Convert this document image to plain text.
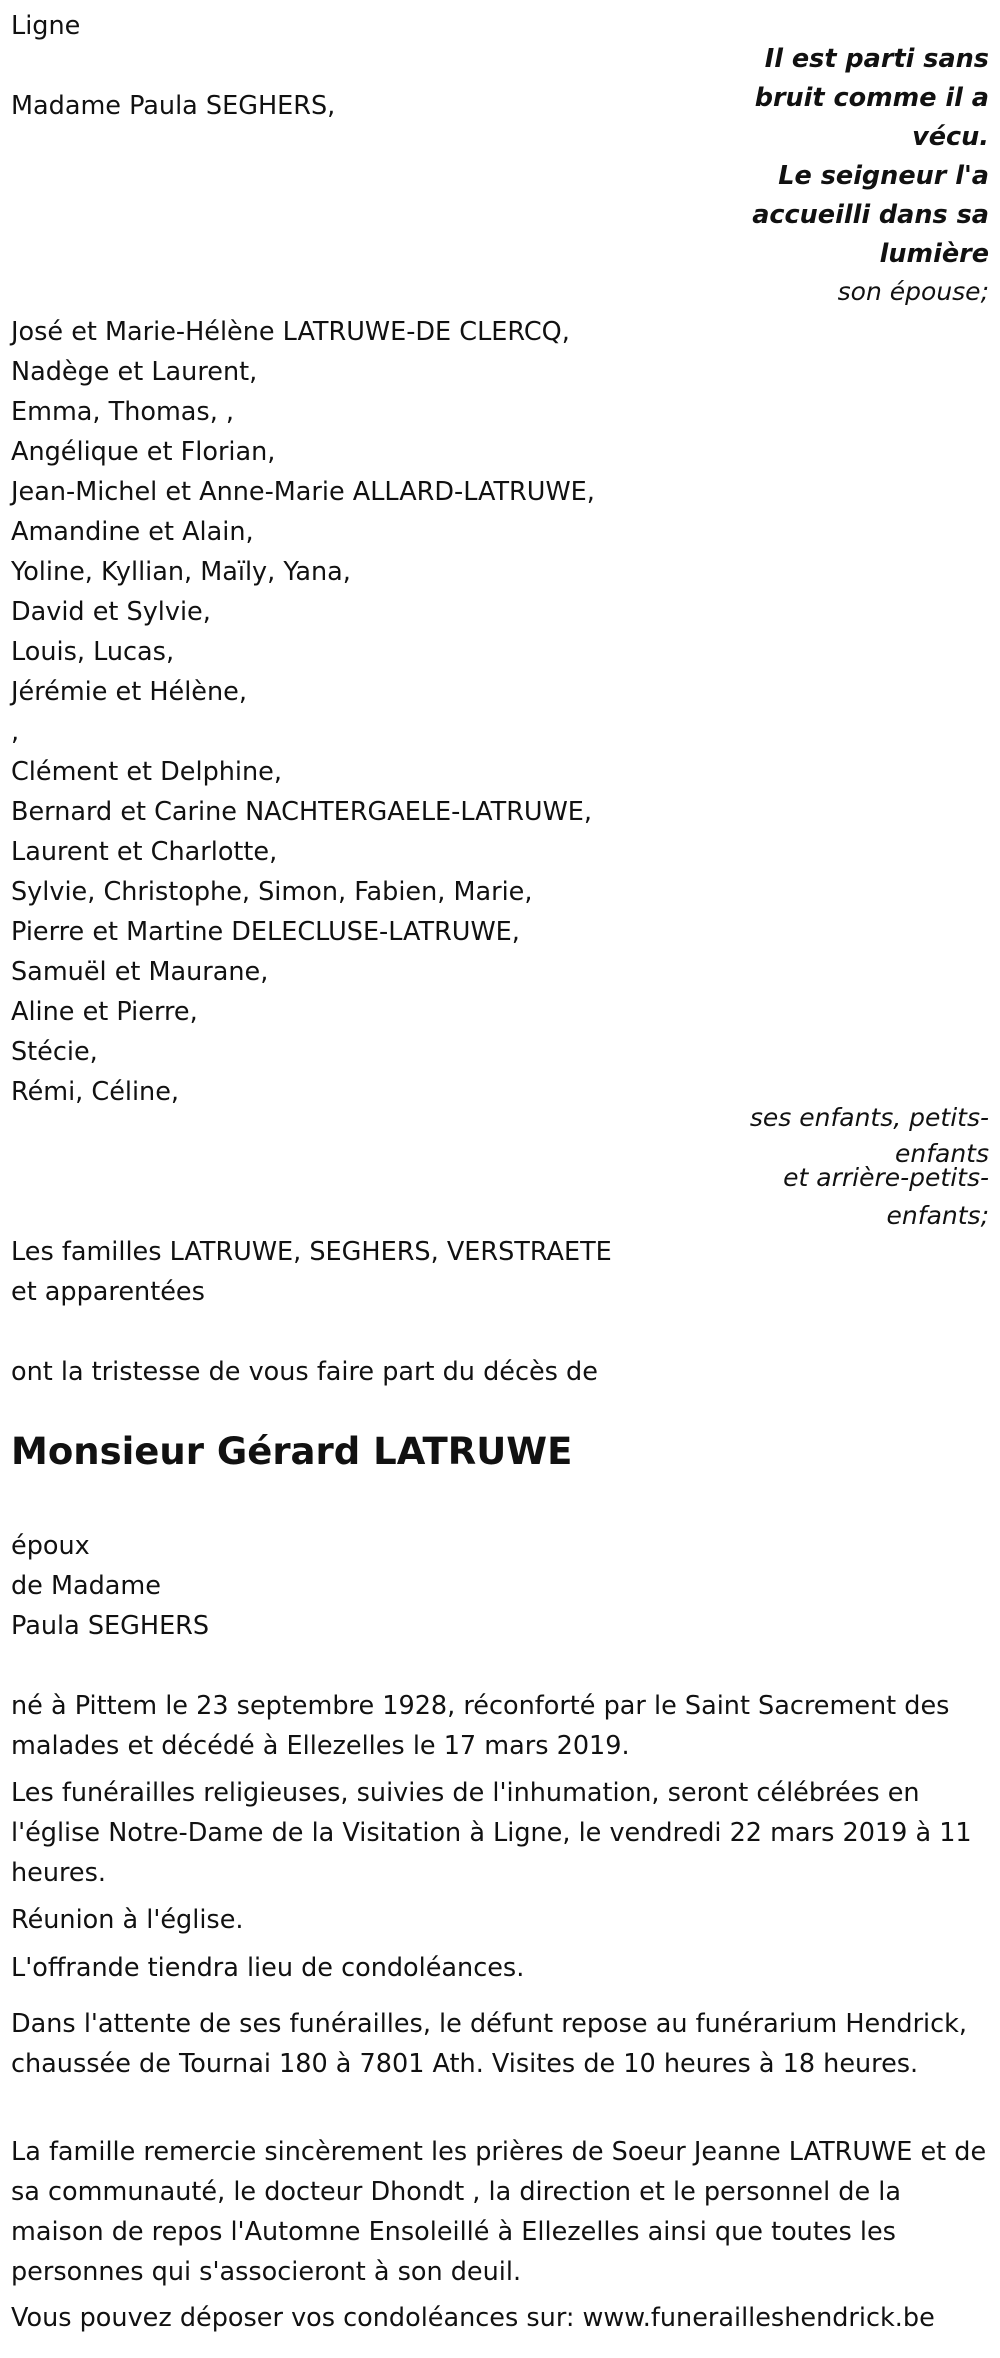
Ligne
Madame Paula SEGHERS,
José et Marie-Hélène LATRUWE-DE CLERCQ,
Nadège et Laurent,
Emma, Thomas, ,
Angélique et Florian,
Jean-Michel et Anne-Marie ALLARD-LATRUWE,
Amandine et Alain,
Yoline, Kyllian, Maïly, Yana,
David et Sylvie,
Louis, Lucas,
Jérémie et Hélène,
,
Clément et Delphine,
Bernard et Carine NACHTERGAELE-LATRUWE,
Laurent et Charlotte,
Sylvie, Christophe, Simon, Fabien, Marie,
Pierre et Martine DELECLUSE-LATRUWE,
Samuël et Maurane,
Aline et Pierre,
Stécie,
Rémi, Céline,
Les familles LATRUWE, SEGHERS, VERSTRAETE
et apparentées
ont la tristesse de vous faire part du décès de
Monsieur Gérard LATRUWE
époux
de Madame
Paula SEGHERS
Il est parti sans
bruit comme il a
vécu.
Le seigneur l'a
accueilli dans sa
lumière
son épouse;
ses enfants, petits-
enfants
et arrière-petits-
enfants;
né à Pittem le 23 septembre 1928, réconforté par le Saint Sacrement des malades et décédé à Ellezelles le 17 mars 2019.
Les funérailles religieuses, suivies de l'inhumation, seront célébrées en l'église Notre-Dame de la Visitation à Ligne, le vendredi 22 mars 2019 à 11 heures.
Réunion à l'église.
L'offrande tiendra lieu de condoléances.
Dans l'attente de ses funérailles, le défunt repose au funérarium Hendrick, chaussée de Tournai 180 à 7801 Ath. Visites de 10 heures à 18 heures.
La famille remercie sincèrement les prières de Soeur Jeanne LATRUWE et de sa communauté, le docteur Dhondt , la direction et le personnel de la maison de repos l'Automne Ensoleillé à Ellezelles ainsi que toutes les personnes qui s'associeront à son deuil.
Vous pouvez déposer vos condoléances sur: www.funerailleshendrick.be
